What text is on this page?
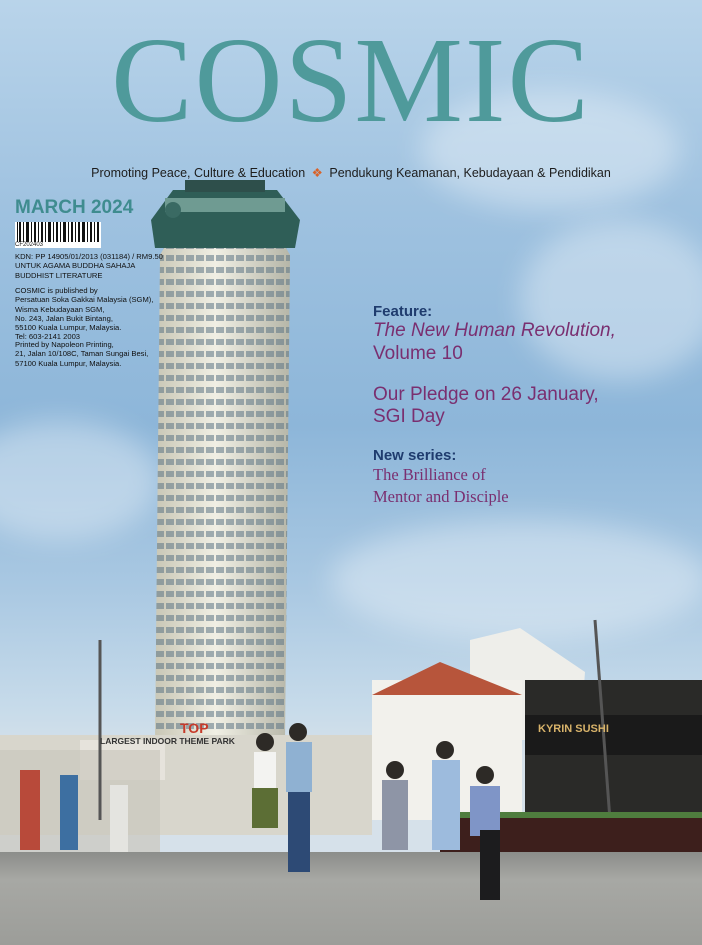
KYRIN SUSHI
TOP
LARGEST INDOOR THEME PARK
COSMIC
Promoting Peace, Culture & Education ❖ Pendukung Keamanan, Kebudayaan & Pendidikan
MARCH 2024
CF202403
KDN: PP 14905/01/2013 (031184) / RM9.50
UNTUK AGAMA BUDDHA SAHAJA
BUDDHIST LITERATURE
COSMIC is published by
Persatuan Soka Gakkai Malaysia (SGM),
Wisma Kebudayaan SGM,
No. 243, Jalan Bukit Bintang,
55100 Kuala Lumpur, Malaysia.
Tel: 603-2141 2003
Printed by Napoleon Printing,
21, Jalan 10/108C, Taman Sungai Besi,
57100 Kuala Lumpur, Malaysia.
Feature:
The New Human Revolution,
Volume 10
Our Pledge on 26 January,
SGI Day
New series:
The Brilliance of
Mentor and Disciple
